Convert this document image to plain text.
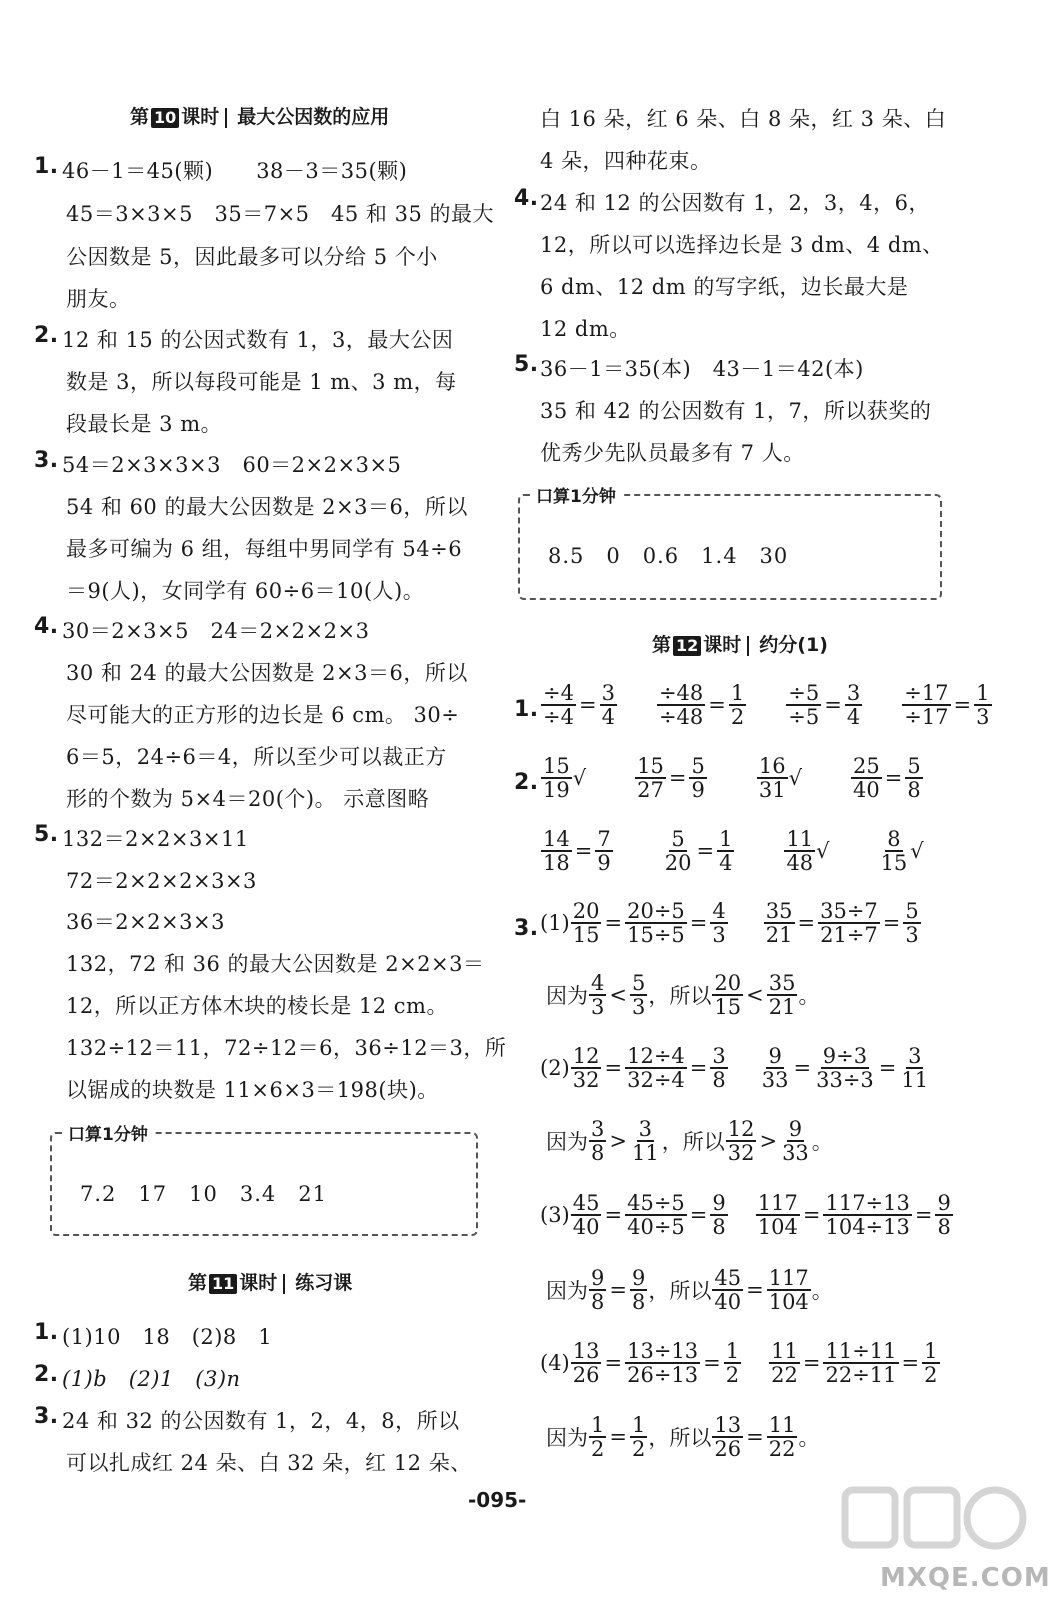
第 10 课时 最大公因数的应用
1. 46－1＝45(颗)　　38－3＝35(颗)
45＝3×3×5　35＝7×5　45 和 35 的最大
公因数是 5，因此最多可以分给 5 个小
朋友。
2. 12 和 15 的公因式数有 1，3，最大公因
数是 3，所以每段可能是 1 m、3 m，每
段最长是 3 m。
3. 54＝2×3×3×3　60＝2×2×3×5
54 和 60 的最大公因数是 2×3＝6，所以
最多可编为 6 组，每组中男同学有 54÷6
＝9(人)，女同学有 60÷6＝10(人)。
4. 30＝2×3×5　24＝2×2×2×3
30 和 24 的最大公因数是 2×3＝6，所以
尽可能大的正方形的边长是 6 cm。 30÷
6＝5，24÷6＝4，所以至少可以裁正方
形的个数为 5×4＝20(个)。 示意图略
5. 132＝2×2×3×11
72＝2×2×2×3×3
36＝2×2×3×3
132，72 和 36 的最大公因数是 2×2×3＝
12，所以正方体木块的棱长是 12 cm。
132÷12＝11，72÷12＝6，36÷12＝3，所
以锯成的块数是 11×6×3＝198(块)。
口算1分钟
7.2　17　10　3.4　21
第 11 课时 练习课
1. (1)10　18　(2)8　1
2. (1)b　(2)1　(3)n
3. 24 和 32 的公因数有 1，2，4，8，所以
可以扎成红 24 朵、白 32 朵，红 12 朵、
白 16 朵，红 6 朵、白 8 朵，红 3 朵、白
4 朵，四种花束。
4. 24 和 12 的公因数有 1，2，3，4，6，
12，所以可以选择边长是 3 dm、4 dm、
6 dm、12 dm 的写字纸，边长最大是
12 dm。
5. 36－1＝35(本)　43－1＝42(本)
35 和 42 的公因数有 1，7，所以获奖的
优秀少先队员最多有 7 人。
口算1分钟
8.5　0　0.6　1.4　30
第 12 课时 约分(1)
1. $\frac{\div 4}{\div 4} = \frac{3}{4} \frac{\div 48}{\div 48} = \frac{1}{2} \frac{\div 5}{\div 5} = \frac{3}{4} \frac{\div 17}{\div 17} = \frac{1}{3}$
2. $\frac{15}{19}$ √ $\frac{15}{27} = \frac{5}{9} \frac{16}{31}$ √ $\frac{25}{40} = \frac{5}{8}$
$\frac{14}{18} = \frac{7}{9} \frac{5}{20} = \frac{1}{4} \frac{11}{48}$ √ $\frac{8}{15}$ √
3. $(1) \frac{20}{15} = \frac{20\div 5}{15\div 5} = \frac{4}{3} \frac{35}{21} = \frac{35\div 7}{21\div 7} = \frac{5}{3}$
因为 $\frac{4}{3} < \frac{5}{3}$ ，所以 $\frac{20}{15} < \frac{35}{21}$ 。
$(2) \frac{12}{32} = \frac{12\div 4}{32\div 4} = \frac{3}{8} \frac{9}{33} = \frac{9\div 3}{33\div 3} = \frac{3}{11}$
因为 $\frac{3}{8} > \frac{3}{11}$ ，所以 $\frac{12}{32} > \frac{9}{33}$ 。
$(3) \frac{45}{40} = \frac{45\div 5}{40\div 5} = \frac{9}{8} \frac{117}{104} = \frac{117\div 13}{104\div 13} = \frac{9}{8}$
因为 $\frac{9}{8} = \frac{9}{8}$ ，所以 $\frac{45}{40} = \frac{117}{104}$ 。
$(4) \frac{13}{26} = \frac{13\div 13}{26\div 13} = \frac{1}{2} \frac{11}{22} = \frac{11\div 11}{22\div 11} = \frac{1}{2}$
因为 $\frac{1}{2} = \frac{1}{2}$ ，所以 $\frac{13}{26} = \frac{11}{22}$ 。
-095-
MXQE.COM
